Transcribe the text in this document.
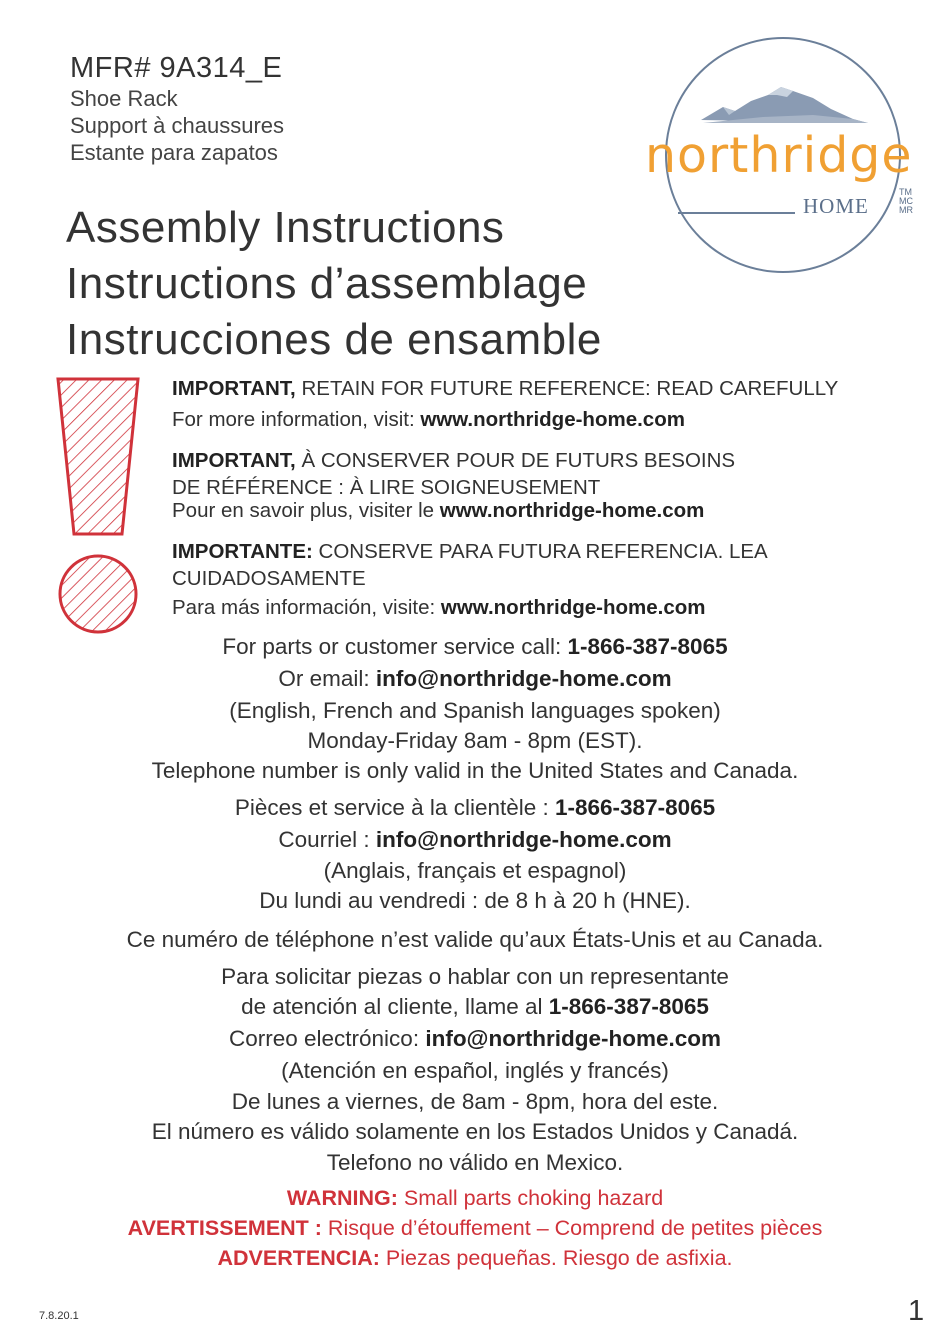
MFR# 9A314_E
Shoe Rack
Support à chaussures
Estante para zapatos
Assembly Instructions
Instructions d’assemblage
Instrucciones de ensamble
northridge
HOME
TM
MC
MR
IMPORTANT, RETAIN FOR FUTURE REFERENCE: READ CAREFULLY
For more information, visit: www.northridge-home.com
IMPORTANT, À CONSERVER POUR DE FUTURS BESOINS
DE RÉFÉRENCE : À LIRE SOIGNEUSEMENT
Pour en savoir plus, visiter le www.northridge-home.com
IMPORTANTE: CONSERVE PARA FUTURA REFERENCIA. LEA
CUIDADOSAMENTE
Para más información, visite: www.northridge-home.com
For parts or customer service call: 1-866-387-8065
Or email: info@northridge-home.com
(English, French and Spanish languages spoken)
Monday-Friday 8am - 8pm (EST).
Telephone number is only valid in the United States and Canada.
Pièces et service à la clientèle : 1-866-387-8065
Courriel : info@northridge-home.com
(Anglais, français et espagnol)
Du lundi au vendredi : de 8 h à 20 h (HNE).
Ce numéro de téléphone n’est valide qu’aux États-Unis et au Canada.
Para solicitar piezas o hablar con un representante
de atención al cliente, llame al 1-866-387-8065
Correo electrónico: info@northridge-home.com
(Atención en español, inglés y francés)
De lunes a viernes, de 8am - 8pm, hora del este.
El número es válido solamente en los Estados Unidos y Canadá.
Telefono no válido en Mexico.
WARNING: Small parts choking hazard
AVERTISSEMENT : Risque d’étouffement – Comprend de petites pièces
ADVERTENCIA: Piezas pequeñas. Riesgo de asfixia.
7.8.20.1	1
